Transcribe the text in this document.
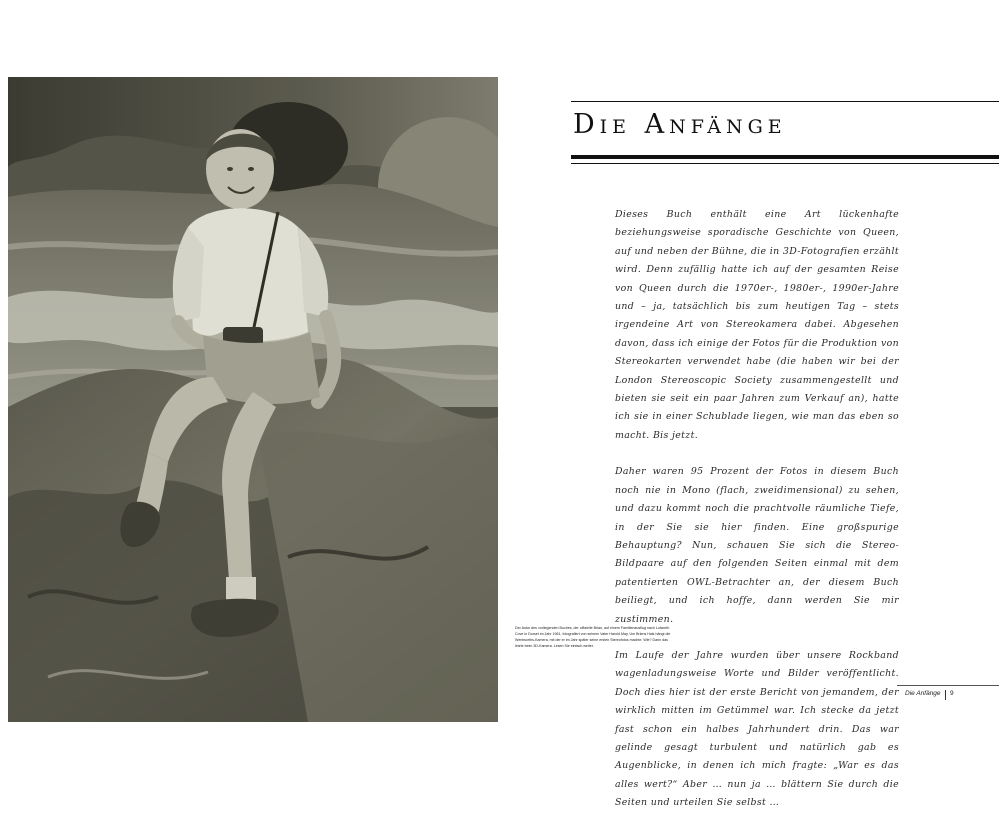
Der Autor des vorliegenden Buches, der offizielle Brian, auf einem Familienausflug nach Lulworth Cove in Dorset im Jahr 1961, fotografiert von seinem Vater Harold May. Um Briens Hals hängt die Wentworths-Kamera, mit der er im Jahr später seine ersten Stereofotos machte. Wie? Dann das letzte beim 3D-Kamera. Lesen Sie einfach weiter.
Die Anfänge

Dieses Buch enthält eine Art lückenhafte beziehungsweise sporadische Geschichte von Queen, auf und neben der Bühne, die in 3D-Fotografien erzählt wird. Denn zufällig hatte ich auf der gesamten Reise von Queen durch die 1970er-, 1980er-, 1990er-Jahre und – ja, tatsächlich bis zum heutigen Tag – stets irgendeine Art von Stereokamera dabei. Abgesehen davon, dass ich einige der Fotos für die Produktion von Stereokarten verwendet habe (die haben wir bei der London Stereoscopic Society zusammengestellt und bieten sie seit ein paar Jahren zum Verkauf an), hatte ich sie in einer Schublade liegen, wie man das eben so macht. Bis jetzt.

Daher waren 95 Prozent der Fotos in diesem Buch noch nie in Mono (flach, zweidimensional) zu sehen, und dazu kommt noch die prachtvolle räumliche Tiefe, in der Sie sie hier finden. Eine großspurige Behauptung? Nun, schauen Sie sich die Stereo-Bildpaare auf den folgenden Seiten einmal mit dem patentierten OWL-Betrachter an, der diesem Buch beiliegt, und ich hoffe, dann werden Sie mir zustimmen.

Im Laufe der Jahre wurden über unsere Rockband wagenladungsweise Worte und Bilder veröffentlicht. Doch dies hier ist der erste Bericht von jemandem, der wirklich mitten im Getümmel war. Ich stecke da jetzt fast schon ein halbes Jahrhundert drin. Das war gelinde gesagt turbulent und natürlich gab es Augenblicke, in denen ich mich fragte: „War es das alles wert?“ Aber … nun ja … blättern Sie durch die Seiten und urteilen Sie selbst …

Die Anfänge 9
